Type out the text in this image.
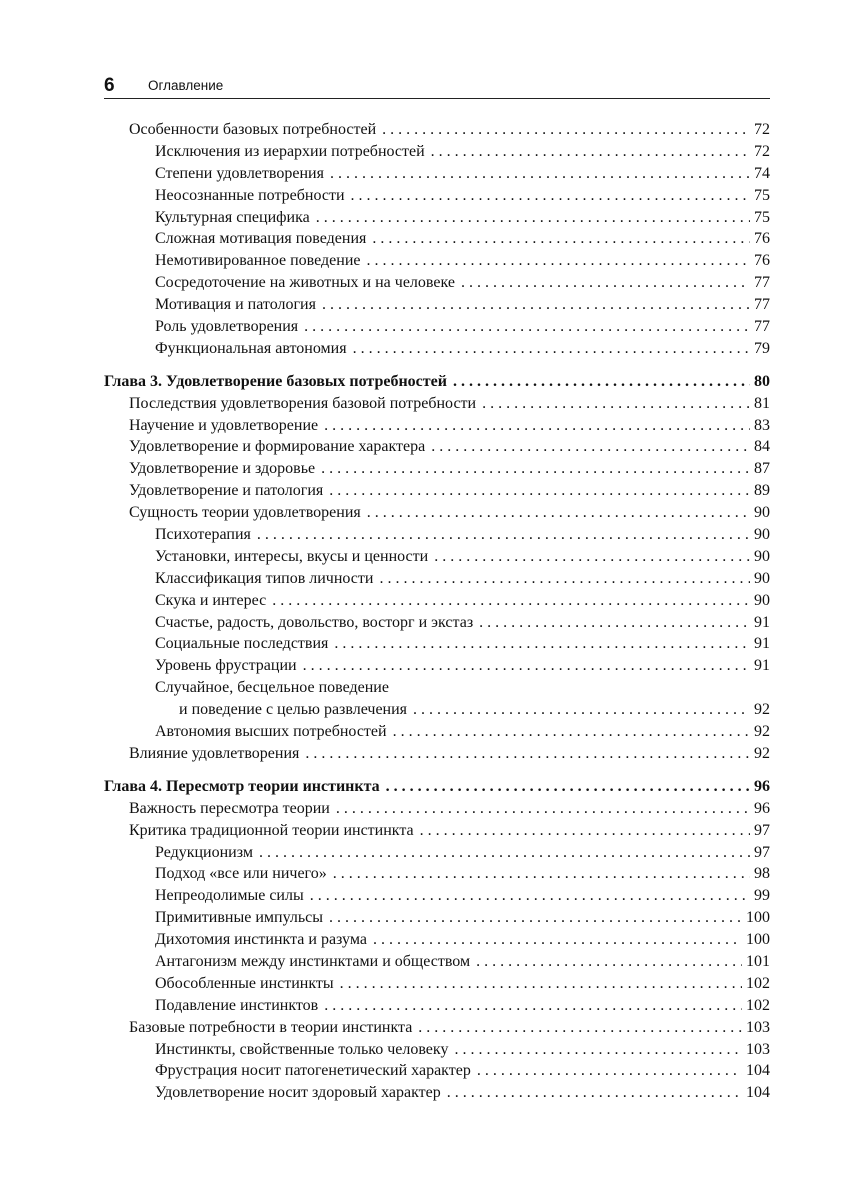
6 Оглавление
Особенности базовых потребностей . . .	72
Исключения из иерархии потребностей . . .	72
Степени удовлетворения . . .	74
Неосознанные потребности . . .	75
Культурная специфика . . .	75
Сложная мотивация поведения . . .	76
Немотивированное поведение . . .	76
Сосредоточение на животных и на человеке . . .	77
Мотивация и патология . . .	77
Роль удовлетворения . . .	77
Функциональная автономия . . .	79
Глава 3. Удовлетворение базовых потребностей . . .	80
Последствия удовлетворения базовой потребности . . .	81
Научение и удовлетворение . . .	83
Удовлетворение и формирование характера . . .	84
Удовлетворение и здоровье . . .	87
Удовлетворение и патология . . .	89
Сущность теории удовлетворения . . .	90
Психотерапия . . .	90
Установки, интересы, вкусы и ценности . . .	90
Классификация типов личности . . .	90
Скука и интерес . . .	90
Счастье, радость, довольство, восторг и экстаз . . .	91
Социальные последствия . . .	91
Уровень фрустрации . . .	91
Случайное, бесцельное поведение
и поведение с целью развлечения . . .	92
Автономия высших потребностей . . .	92
Влияние удовлетворения . . .	92
Глава 4. Пересмотр теории инстинкта . . .	96
Важность пересмотра теории . . .	96
Критика традиционной теории инстинкта . . .	97
Редукционизм . . .	97
Подход «все или ничего» . . .	98
Непреодолимые силы . . .	99
Примитивные импульсы . . .	100
Дихотомия инстинкта и разума . . .	100
Антагонизм между инстинктами и обществом . . .	101
Обособленные инстинкты . . .	102
Подавление инстинктов . . .	102
Базовые потребности в теории инстинкта . . .	103
Инстинкты, свойственные только человеку . . .	103
Фрустрация носит патогенетический характер . . .	104
Удовлетворение носит здоровый характер . . .	104
